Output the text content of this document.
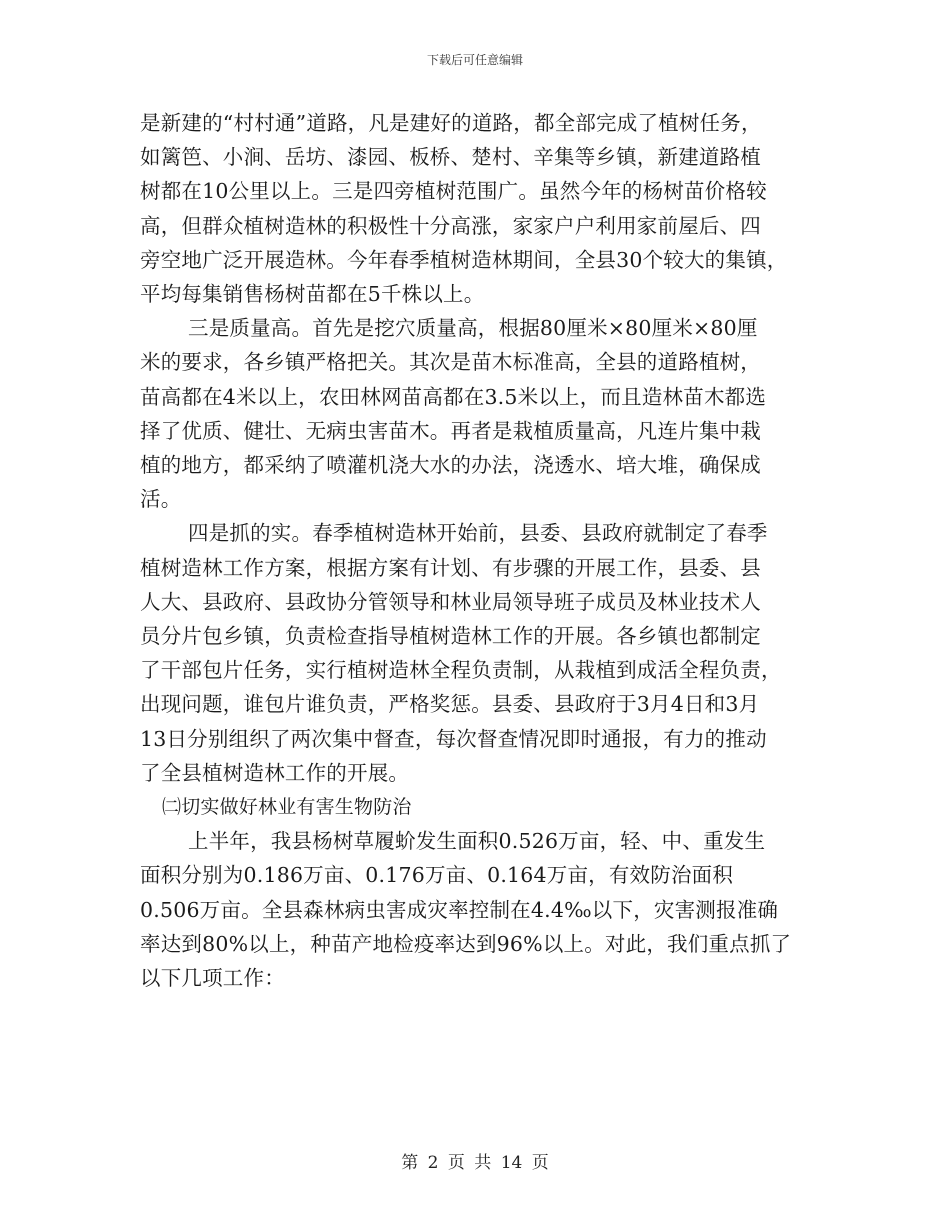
下载后可任意编辑

是新建的“村村通”道路，凡是建好的道路，都全部完成了植树任务，

如篱笆、小涧、岳坊、漆园、板桥、楚村、辛集等乡镇，新建道路植

树都在10公里以上。三是四旁植树范围广。虽然今年的杨树苗价格较

高，但群众植树造林的积极性十分高涨，家家户户利用家前屋后、四

旁空地广泛开展造林。今年春季植树造林期间，全县30个较大的集镇，

平均每集销售杨树苗都在5千株以上。

三是质量高。首先是挖穴质量高，根据80厘米×80厘米×80厘

米的要求，各乡镇严格把关。其次是苗木标准高，全县的道路植树，

苗高都在4米以上，农田林网苗高都在3.5米以上，而且造林苗木都选

择了优质、健壮、无病虫害苗木。再者是栽植质量高，凡连片集中栽

植的地方，都采纳了喷灌机浇大水的办法，浇透水、培大堆，确保成

活。

四是抓的实。春季植树造林开始前，县委、县政府就制定了春季

植树造林工作方案，根据方案有计划、有步骤的开展工作，县委、县

人大、县政府、县政协分管领导和林业局领导班子成员及林业技术人

员分片包乡镇，负责检查指导植树造林工作的开展。各乡镇也都制定

了干部包片任务，实行植树造林全程负责制，从栽植到成活全程负责，

出现问题，谁包片谁负责，严格奖惩。县委、县政府于3月4日和3月

13日分别组织了两次集中督查，每次督查情况即时通报，有力的推动

了全县植树造林工作的开展。

㈡切实做好林业有害生物防治

上半年，我县杨树草履蚧发生面积0.526万亩，轻、中、重发生

面积分别为0.186万亩、0.176万亩、0.164万亩，有效防治面积

0.506万亩。全县森林病虫害成灾率控制在4.4‰以下，灾害测报准确

率达到80%以上，种苗产地检疫率达到96%以上。对此，我们重点抓了

以下几项工作：

第 2 页 共 14 页
